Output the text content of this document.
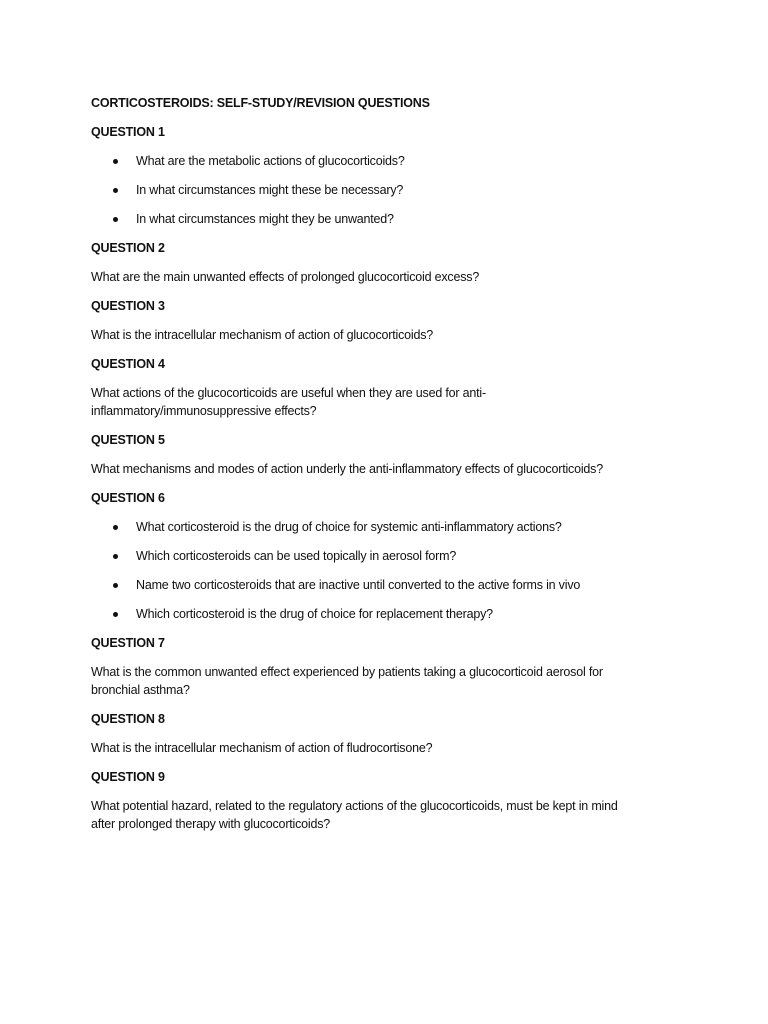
CORTICOSTEROIDS: SELF-STUDY/REVISION QUESTIONS
QUESTION 1
What are the metabolic actions of glucocorticoids?
In what circumstances might these be necessary?
In what circumstances might they be unwanted?
QUESTION 2
What are the main unwanted effects of prolonged glucocorticoid excess?
QUESTION 3
What is the intracellular mechanism of action of glucocorticoids?
QUESTION 4
What actions of the glucocorticoids are useful when they are used for anti-
inflammatory/immunosuppressive effects?
QUESTION 5
What mechanisms and modes of action underly the anti-inflammatory effects of glucocorticoids?
QUESTION 6
What corticosteroid is the drug of choice for systemic anti-inflammatory actions?
Which corticosteroids can be used topically in aerosol form?
Name two corticosteroids that are inactive until converted to the active forms in vivo
Which corticosteroid is the drug of choice for replacement therapy?
QUESTION 7
What is the common unwanted effect experienced by patients taking a glucocorticoid aerosol for
bronchial asthma?
QUESTION 8
What is the intracellular mechanism of action of fludrocortisone?
QUESTION 9
What potential hazard, related to the regulatory actions of the glucocorticoids, must be kept in mind
after prolonged therapy with glucocorticoids?
